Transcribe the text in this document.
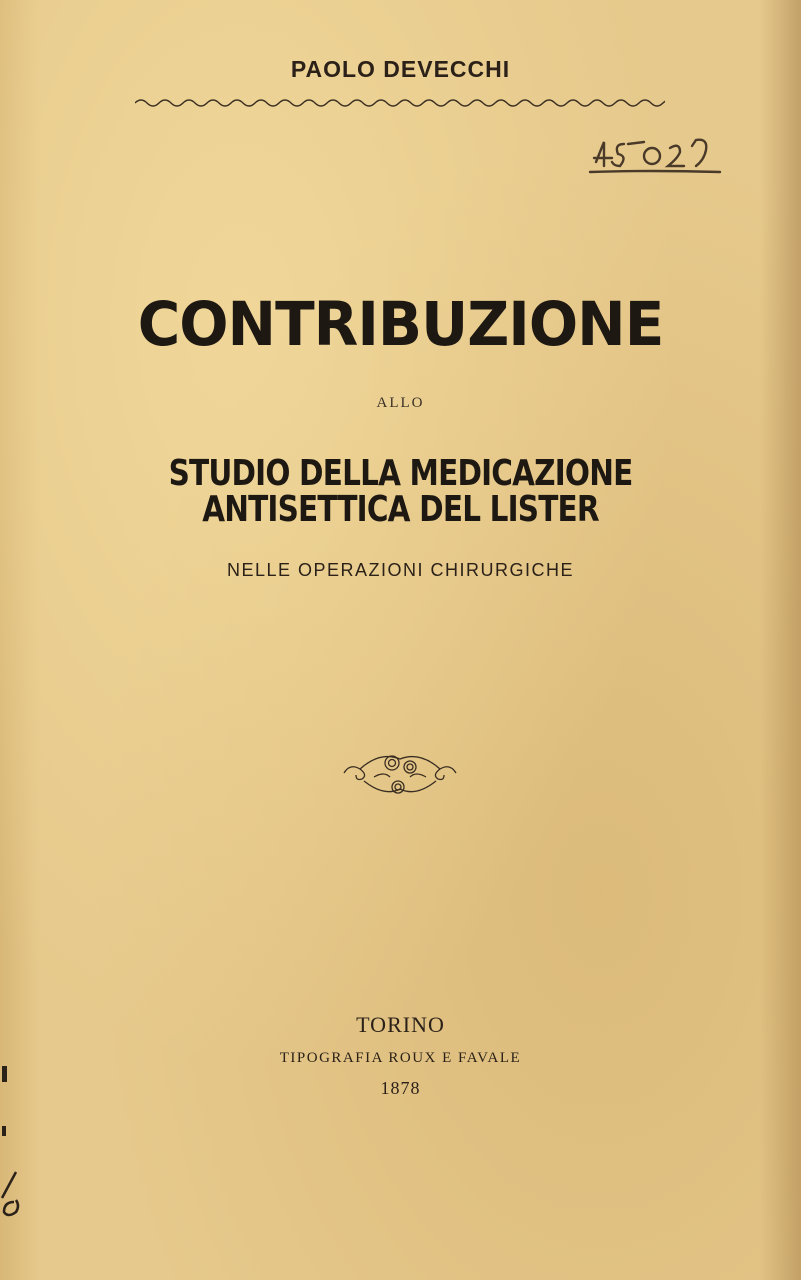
PAOLO DEVECCHI
CONTRIBUZIONE
ALLO
STUDIO DELLA MEDICAZIONE ANTISETTICA DEL LISTER
NELLE OPERAZIONI CHIRURGICHE
TORINO
TIPOGRAFIA ROUX E FAVALE
1878
